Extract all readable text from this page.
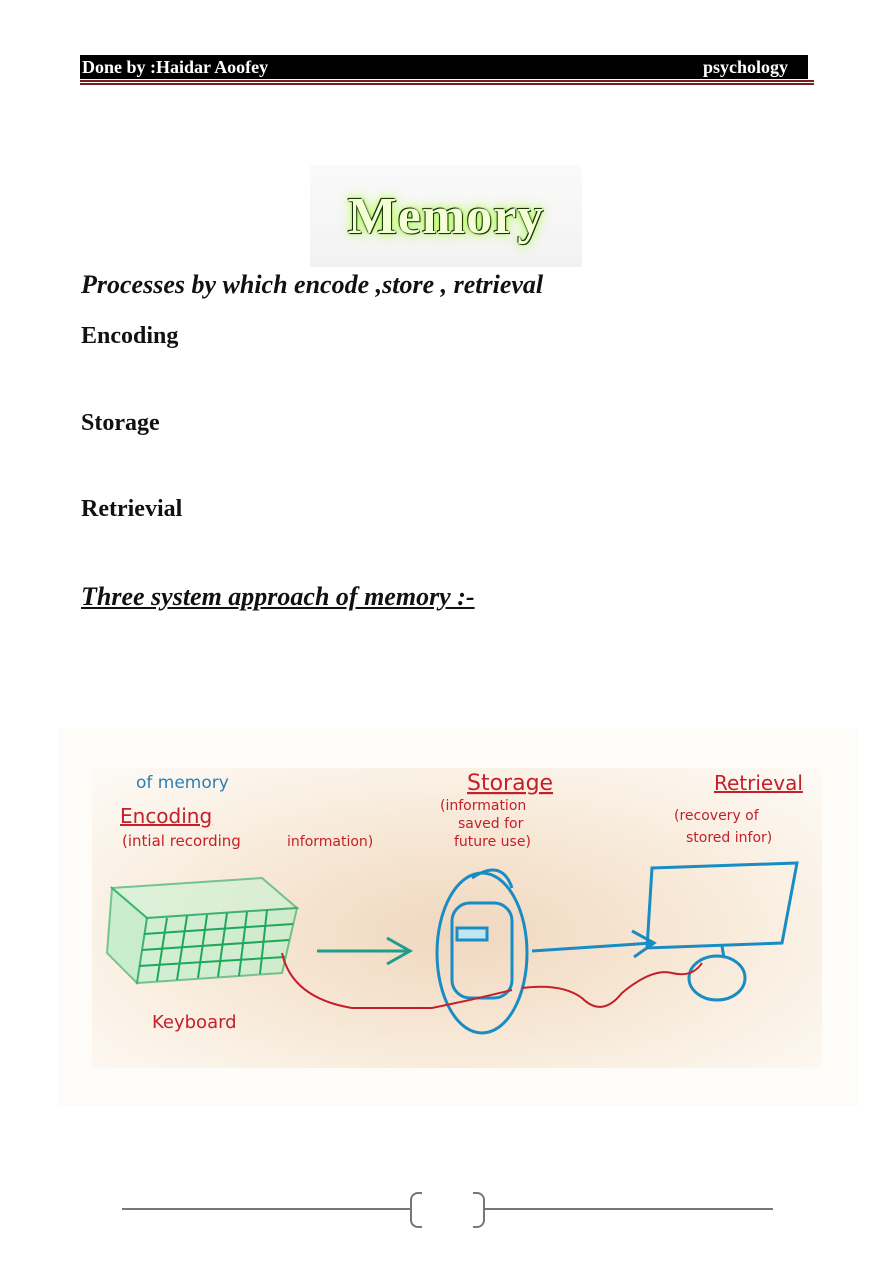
Done by :Haidar Aoofey	psychology
Memory
Processes by which encode ,store , retrieval
Encoding
Storage
Retrievial
Three system approach of memory :-
of memory
Encoding
(intial recording	information)
Storage
(information
saved for
future use)
Retrieval
(recovery of
stored infor)
Keyboard
